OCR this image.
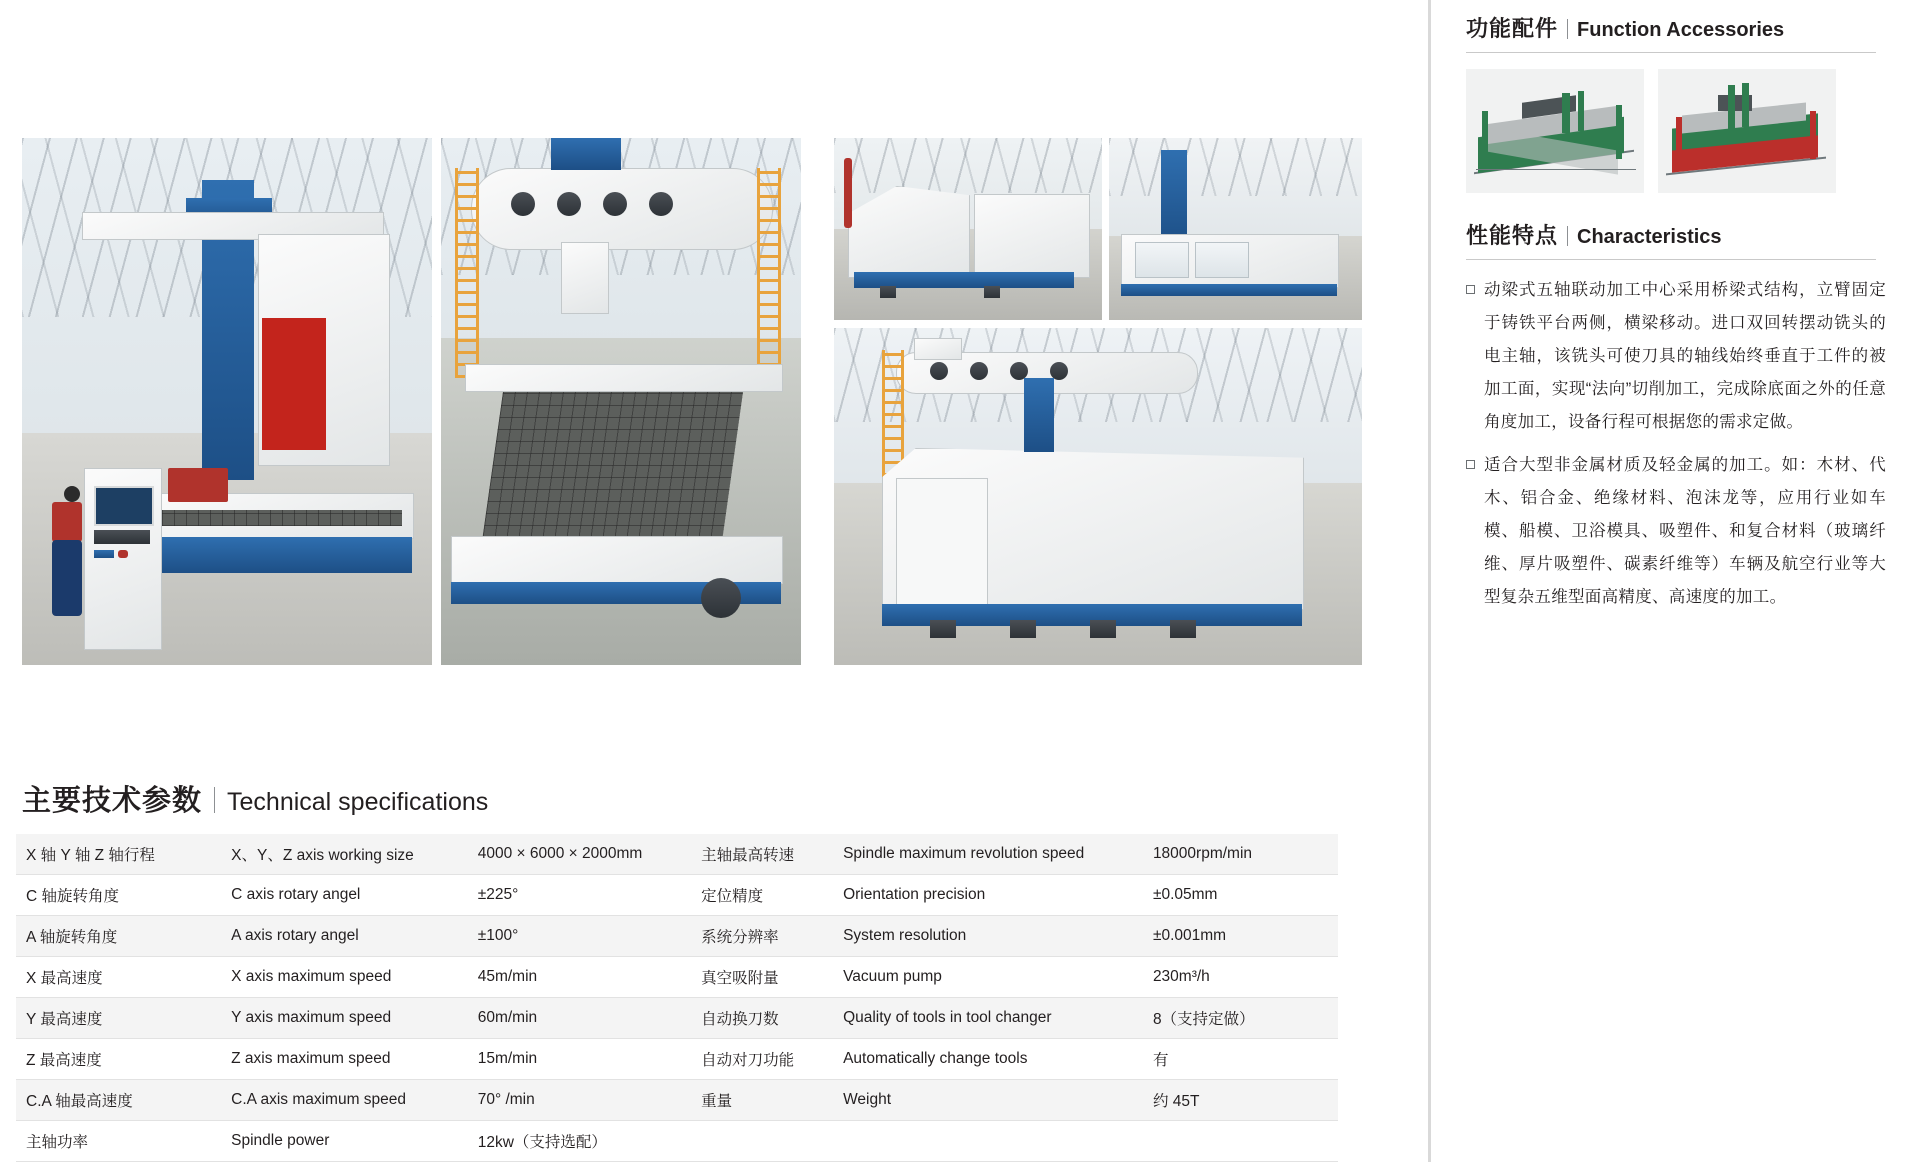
主要技术参数 Technical specifications
X 轴 Y 轴 Z 轴行程	X、Y、Z axis working size	4000 × 6000 × 2000mm	主轴最高转速	Spindle maximum revolution speed	18000rpm/min
C 轴旋转角度	C axis rotary angel	±225°	定位精度	Orientation precision	±0.05mm
A 轴旋转角度	A axis rotary angel	±100°	系统分辨率	System resolution	±0.001mm
X 最高速度	X axis maximum speed	45m/min	真空吸附量	Vacuum pump	230m³/h
Y 最高速度	Y axis maximum speed	60m/min	自动换刀数	Quality of tools in tool changer	8（支持定做）
Z 最高速度	Z axis maximum speed	15m/min	自动对刀功能	Automatically change tools	有
C.A 轴最高速度	C.A axis maximum speed	70° /min	重量	Weight	约 45T
主轴功率	Spindle power	12kw（支持选配）			
功能配件 Function Accessories
性能特点 Characteristics
动梁式五轴联动加工中心采用桥梁式结构，立臂固定于铸铁平台两侧，横梁移动。进口双回转摆动铣头的电主轴，该铣头可使刀具的轴线始终垂直于工件的被加工面，实现“法向”切削加工，完成除底面之外的任意角度加工，设备行程可根据您的需求定做。
适合大型非金属材质及轻金属的加工。如：木材、代木、铝合金、绝缘材料、泡沫龙等，应用行业如车模、船模、卫浴模具、吸塑件、和复合材料（玻璃纤维、厚片吸塑件、碳素纤维等）车辆及航空行业等大型复杂五维型面高精度、高速度的加工。
